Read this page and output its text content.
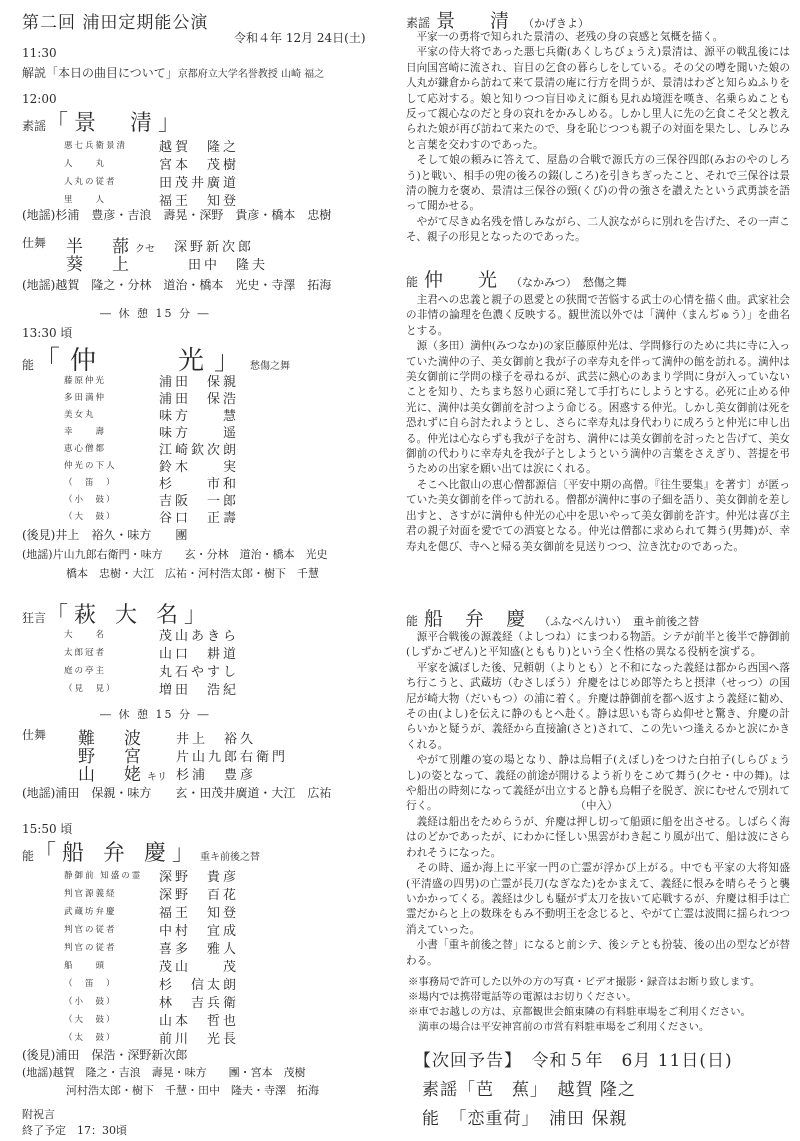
第二回 浦田定期能公演
令和４年 12月 24日(土)
11:30
解説「本日の曲目について」京都府立大学名誉教授 山崎 福之
12:00
素謡「景　清」
悪七兵衛景清 越賀　隆之
人　　丸	宮本　茂樹
人丸の従者	田茂井廣道
里　　人	福王　知登
(地謡)杉浦　豊彦・吉浪　壽晃・深野　貴彦・橋本　忠樹
仕舞 半　蔀クセ 深野新次郎
葵　上	田中　隆夫
(地謡)越賀　隆之・分林　道治・橋本　光史・寺澤　拓海
― 休 憩 15 分 ―
13:30 頃
能「仲　　光」愁傷之舞
藤原仲光	浦田　保親
多田満仲	浦田　保浩
美女丸	味方　　慧
幸　　壽	味方　　遥
恵心僧都	江崎欽次朗
仲光の下人	鈴木　　実
（　笛　）	杉　　市和
（小　鼓）	吉阪　一郎
（大　鼓）	谷口　正壽
(後見)井上　裕久・味方　　團
(地謡)片山九郎右衛門・味方　　玄・分林　道治・橋本　光史
橋本　忠樹・大江　広祐・河村浩太郎・樹下　千慧
狂言「萩 大 名」
大　　名	茂山あきら
太郎冠者	山口　耕道
庭の亭主	丸石やすし
（見　見）	増田　浩紀
― 休 憩 15 分 ―
仕舞 難　波 井上　裕久
野　宮 片山九郎右衛門
山　姥キリ 杉浦　豊彦
(地謡)浦田　保親・味方　　玄・田茂井廣道・大江　広祐
15:50 頃
能「船 弁 慶」重キ前後之替
静御前 知盛の霊 深野　貴彦
判官源義経	深野　百花
武蔵坊弁慶	福王　知登
判官の従者	中村　宜成
判官の従者	喜多　雅人
船　　頭	茂山　　茂
（　笛　）	杉　信太朗
（小　鼓）	林　吉兵衛
（大　鼓）	山本　哲也
（太　鼓）	前川　光長
(後見)浦田　保浩・深野新次郎
(地謡)越賀　隆之・吉浪　壽晃・味方　　團・宮本　茂樹
河村浩太郎・樹下　千慧・田中　隆夫・寺澤　拓海
附祝言
終了予定　17：30頃
素謡 景　清 （かげきよ）

平家一の勇将で知られた景清の、老残の身の哀感と気概を描く。

平家の侍大将であった悪七兵衛(あくしちびょうえ)景清は、源平の戦乱後には日向国宮崎に流され、盲目の乞食の暮らしをしている。その父の噂を聞いた娘の人丸が鎌倉から訪ねて来て景清の庵に行方を問うが、景清はわざと知らぬふりをして応対する。娘と知りつつ盲目ゆえに顔も見れぬ境涯を嘆き、名乗らぬことも反って親心なのだと身の哀れをかみしめる。しかし里人に先の乞食こそ父と教えられた娘が再び訪ねて来たので、身を恥じつつも親子の対面を果たし、しみじみと言葉を交わすのであった。

そして娘の頼みに答えて、屋島の合戦で源氏方の三保谷四郎(みおのやのしろう)と戦い、相手の兜の後ろの錣(しころ)を引きちぎったこと、それで三保谷は景清の腕力を褒め、景清は三保谷の頸(くび)の骨の強さを讃えたという武勇談を語って聞かせる。

やがて尽きぬ名残を惜しみながら、二人涙ながらに別れを告げた、その一声こそ、親子の形見となったのであった。

能 仲　光 （なかみつ） 愁傷之舞

主君への忠義と親子の恩愛との狭間で苦悩する武士の心情を描く曲。武家社会の非情の論理を色濃く反映する。観世流以外では「満仲（まんぢゅう）」を曲名とする。

源（多田）満仲(みつなか)の家臣藤原仲光は、学問修行のために共に寺に入っていた満仲の子、美女御前と我が子の幸寿丸を伴って満仲の館を訪れる。満仲は美女御前に学問の様子を尋ねるが、武芸に熱心のあまり学問に身が入っていないことを知り、たちまち怒り心頭に発して手打ちにしようとする。必死に止める仲光に、満仲は美女御前を討つよう命じる。困惑する仲光。しかし美女御前は死を恐れずに自ら討たれようとし、さらに幸寿丸は身代わりに成ろうと仲光に申し出る。仲光は心ならずも我が子を討ち、満仲には美女御前を討ったと告げて、美女御前の代わりに幸寿丸を我が子としようという満仲の言葉をさえぎり、菩提を弔うための出家を願い出ては涙にくれる。

そこへ比叡山の恵心僧都源信〔平安中期の高僧。『往生要集』を著す〕が匿っていた美女御前を伴って訪れる。僧都が満仲に事の子細を語り、美女御前を差し出すと、さすがに満仲も仲光の心中を思いやって美女御前を許す。仲光は喜び主君の親子対面を愛でての酒宴となる。仲光は僧都に求められて舞う(男舞)が、幸寿丸を偲び、寺へと帰る美女御前を見送りつつ、泣き沈むのであった。

能 船 弁 慶 （ふなべんけい） 重キ前後之替

源平合戦後の源義経（よしつね）にまつわる物語。シテが前半と後半で静御前(しずかごぜん)と平知盛(とももり)という全く性格の異なる役柄を演ずる。

平家を滅ぼした後、兄頼朝（よりとも）と不和になった義経は都から西国へ落ち行こうと、武蔵坊（むさしぼう）弁慶をはじめ郎等たちと摂津（せっつ）の国尼が崎大物（だいもつ）の浦に着く。弁慶は静御前を都へ返すよう義経に勧め、その由(よし)を伝えに静のもとへ赴く。静は思いも寄らぬ仰せと驚き、弁慶の計らいかと疑うが、義経から直接諭(さと)されて、この先いつ逢えるかと涙にかきくれる。

やがて別離の宴の場となり、静は烏帽子(えぼし)をつけた白拍子(しらびょうし)の姿となって、義経の前途が開けるよう祈りをこめて舞う(クセ・中の舞)。はや船出の時刻になって義経が出立すると静も烏帽子を脱ぎ、涙にむせんで別れて行く。　　　　　　　　　　　　　　（中入）

義経は船出をためらうが、弁慶は押し切って船頭に船を出させる。しばらく海はのどかであったが、にわかに怪しい黒雲がわき起こり風が出て、船は波にさらわれそうになった。

その時、遥か海上に平家一門の亡霊が浮かび上がる。中でも平家の大将知盛(平清盛の四男)の亡霊が長刀(なぎなた)をかまえて、義経に恨みを晴らそうと襲いかかってくる。義経は少しも騒がず太刀を抜いて応戦するが、弁慶は相手は亡霊だからと上の数珠をもみ不動明王を念じると、やがて亡霊は波間に揺られつつ消えていった。

小書「重キ前後之替」になると前シテ、後シテとも扮装、後の出の型などが替わる。

※事務局で許可した以外の方の写真・ビデオ撮影・録音はお断り致します。
※場内では携帯電話等の電源はお切りください。
※車でお越しの方は、京都観世会館東隣の有料駐車場をご利用ください。
　満車の場合は平安神宮前の市営有料駐車場をご利用ください。
【次回予告】　 令和５年　6月 11日(日)
素謡「芭　蕉」　 越賀 隆之
能　「恋重荷」　 浦田 保親
